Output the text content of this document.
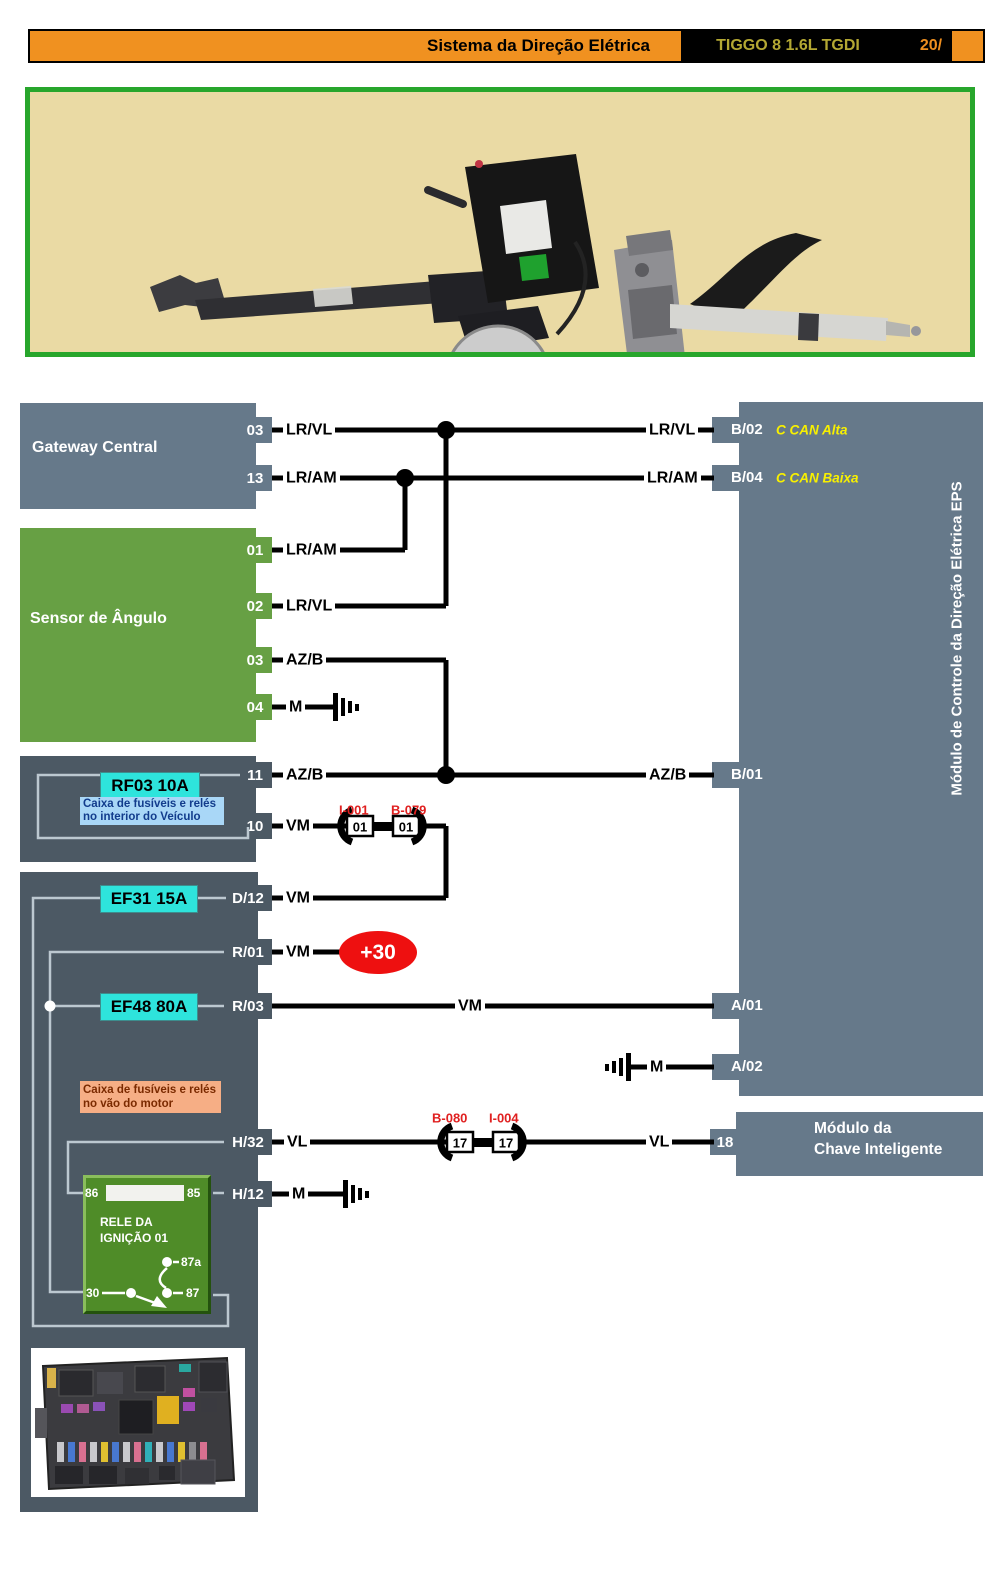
Sistema da Direção Elétrica	TIGGO 8 1.6L TGDI	20/
Gateway Central
03
13
Sensor de Ângulo
01
02
03
04
11
10
D/12
R/01
R/03
H/32
H/12
18
LR/VL
LR/AM
LR/AM
LR/VL
AZ/B
M
AZ/B
VM
VM
VM
VM
VL
M
LR/VL
LR/AM
AZ/B
M
VL
B/02
B/04
B/01
A/01
A/02
C CAN Alta
C CAN Baixa
Módulo de Controle da Direção Elétrica EPS
Módulo da
Chave Inteligente
RF03 10A
Caixa de fusíveis e relés
no interior do Veículo
EF31 15A
EF48 80A
Caixa de fusíveis e relés
no vão do motor
I-001 B-079
01 01
B-080 I-004
17 17
+30
86	85
RELE DA
IGNIÇÃO 01
87a
30	87
